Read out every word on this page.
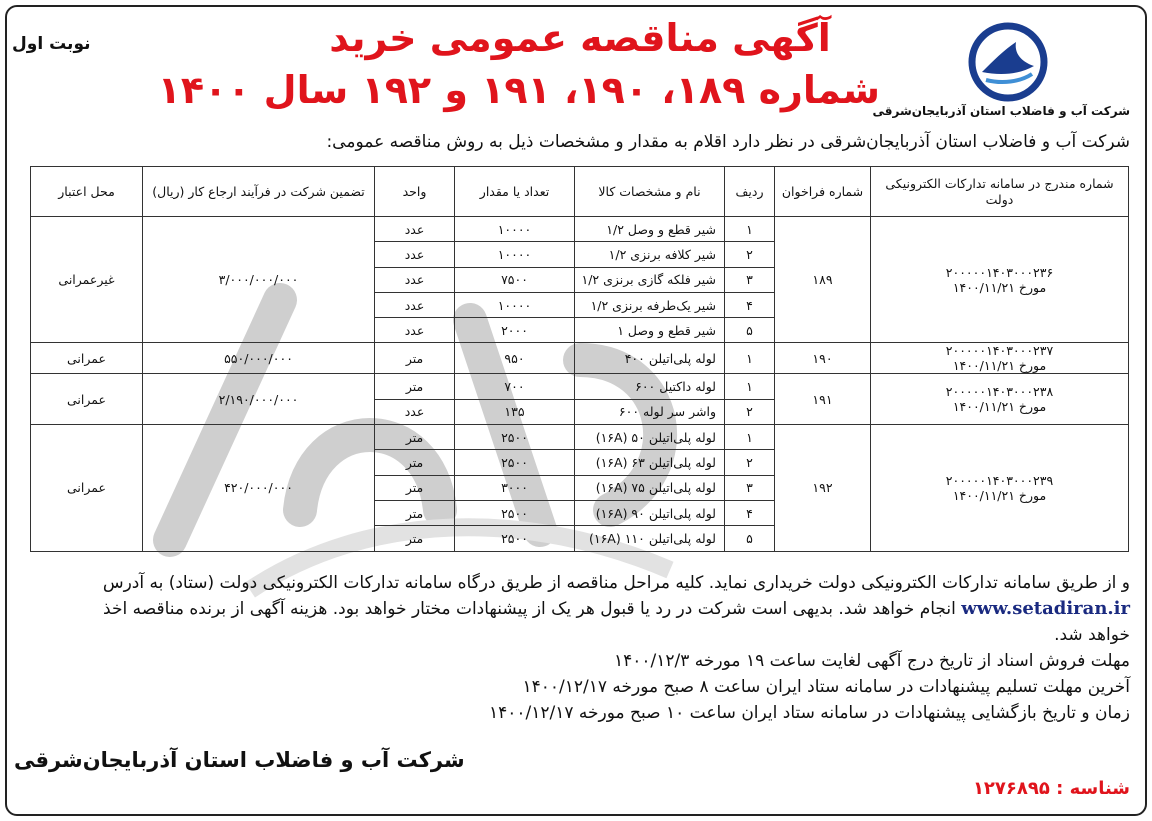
نوبت اول	آگهی مناقصه عمومی خرید
شماره ۱۸۹، ۱۹۰، ۱۹۱ و ۱۹۲ سال ۱۴۰۰
شرکت آب و فاضلاب استان آذربایجان‌شرقی
شرکت آب و فاضلاب استان آذربایجان‌شرقی در نظر دارد اقلام به مقدار و مشخصات ذیل به روش مناقصه عمومی:
شماره مندرج در سامانه تدارکات الکترونیکی دولت	شماره فراخوان	ردیف	نام و مشخصات کالا	تعداد یا مقدار	واحد	تضمین شرکت در فرآیند ارجاع کار (ریال)	محل اعتبار

۲۰۰۰۰۰۱۴۰۳۰۰۰۲۳۶
مورخ ۱۴۰۰/۱۱/۲۱	۱۸۹	۱	شیر قطع و وصل ۱/۲	۱۰۰۰۰	عدد	۳/۰۰۰/۰۰۰/۰۰۰	غیرعمرانی
		۲	شیر کلافه برنزی ۱/۲	۱۰۰۰۰	عدد		
		۳	شیر فلکه گازی برنزی ۱/۲	۷۵۰۰	عدد		
		۴	شیر یک‌طرفه برنزی ۱/۲	۱۰۰۰۰	عدد		
		۵	شیر قطع و وصل ۱	۲۰۰۰	عدد		

۲۰۰۰۰۰۱۴۰۳۰۰۰۲۳۷
مورخ ۱۴۰۰/۱۱/۲۱	۱۹۰	۱	لوله پلی‌اتیلن ۴۰۰	۹۵۰	متر	۵۵۰/۰۰۰/۰۰۰	عمرانی

۲۰۰۰۰۰۱۴۰۳۰۰۰۲۳۸
مورخ ۱۴۰۰/۱۱/۲۱	۱۹۱	۱	لوله داکتیل ۶۰۰	۷۰۰	متر	۲/۱۹۰/۰۰۰/۰۰۰	عمرانی
		۲	واشر سر لوله ۶۰۰	۱۳۵	عدد		

۲۰۰۰۰۰۱۴۰۳۰۰۰۲۳۹
مورخ ۱۴۰۰/۱۱/۲۱	۱۹۲	۱	لوله پلی‌اتیلن ۵۰ (۱۶A)	۲۵۰۰	متر	۴۲۰/۰۰۰/۰۰۰	عمرانی
		۲	لوله پلی‌اتیلن ۶۳ (۱۶A)	۲۵۰۰	متر		
		۳	لوله پلی‌اتیلن ۷۵ (۱۶A)	۳۰۰۰	متر		
		۴	لوله پلی‌اتیلن ۹۰ (۱۶A)	۲۵۰۰	متر		
		۵	لوله پلی‌اتیلن ۱۱۰ (۱۶A)	۲۵۰۰	متر		
و از طریق سامانه تدارکات الکترونیکی دولت خریداری نماید. کلیه مراحل مناقصه از طریق درگاه سامانه تدارکات الکترونیکی دولت (ستاد) به آدرس
www.setadiran.ir انجام خواهد شد. بدیهی است شرکت در رد یا قبول هر یک از پیشنهادات مختار خواهد بود. هزینه آگهی از برنده مناقصه اخذ
خواهد شد.
مهلت فروش اسناد از تاریخ درج آگهی لغایت ساعت ۱۹ مورخه ۱۴۰۰/۱۲/۳
آخرین مهلت تسلیم پیشنهادات در سامانه ستاد ایران ساعت ۸ صبح مورخه ۱۴۰۰/۱۲/۱۷
زمان و تاریخ بازگشایی پیشنهادات در سامانه ستاد ایران ساعت ۱۰ صبح مورخه ۱۴۰۰/۱۲/۱۷
شرکت آب و فاضلاب استان آذربایجان‌شرقی
شناسه : ۱۲۷۶۸۹۵
